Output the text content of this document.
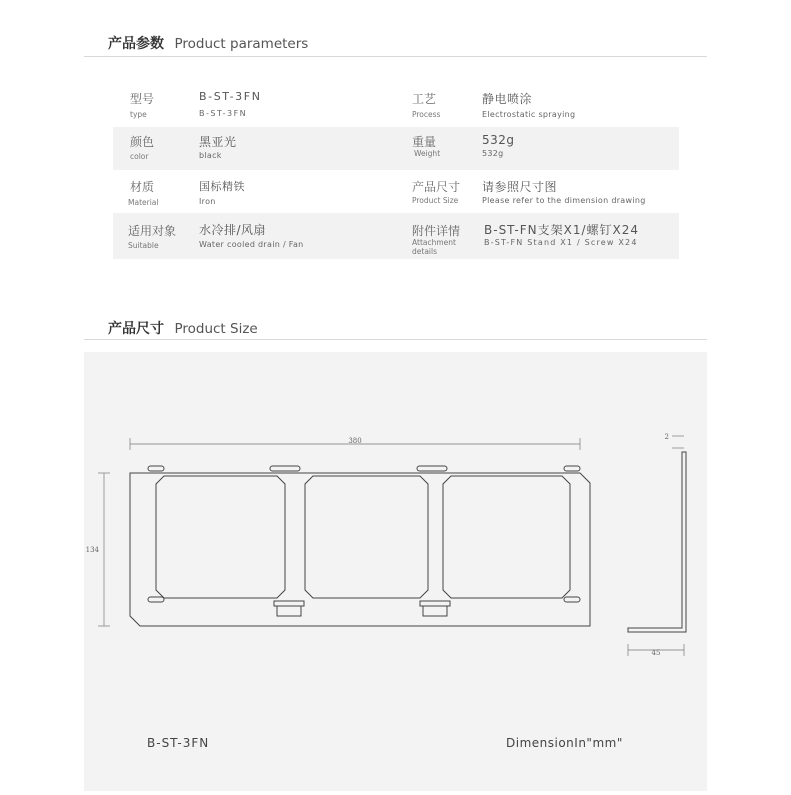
产品参数 Product parameters
型号
type
B-ST-3FN
B-ST-3FN
工艺
Process
静电喷涂
Electrostatic spraying
颜色
color
黑亚光
black
重量
Weight
532g
532g
材质
Material
国标精铁
Iron
产品尺寸
Product Size
请参照尺寸图
Please refer to the dimension drawing
适用对象
Suitable
水冷排/风扇
Water cooled drain / Fan
附件详情
Attachment details
B-ST-FN支架X1/螺钉X24
B-ST-FN Stand X1 / Screw X24
产品尺寸 Product Size
380
134
2
45
B-ST-3FN	DimensionIn"mm"
